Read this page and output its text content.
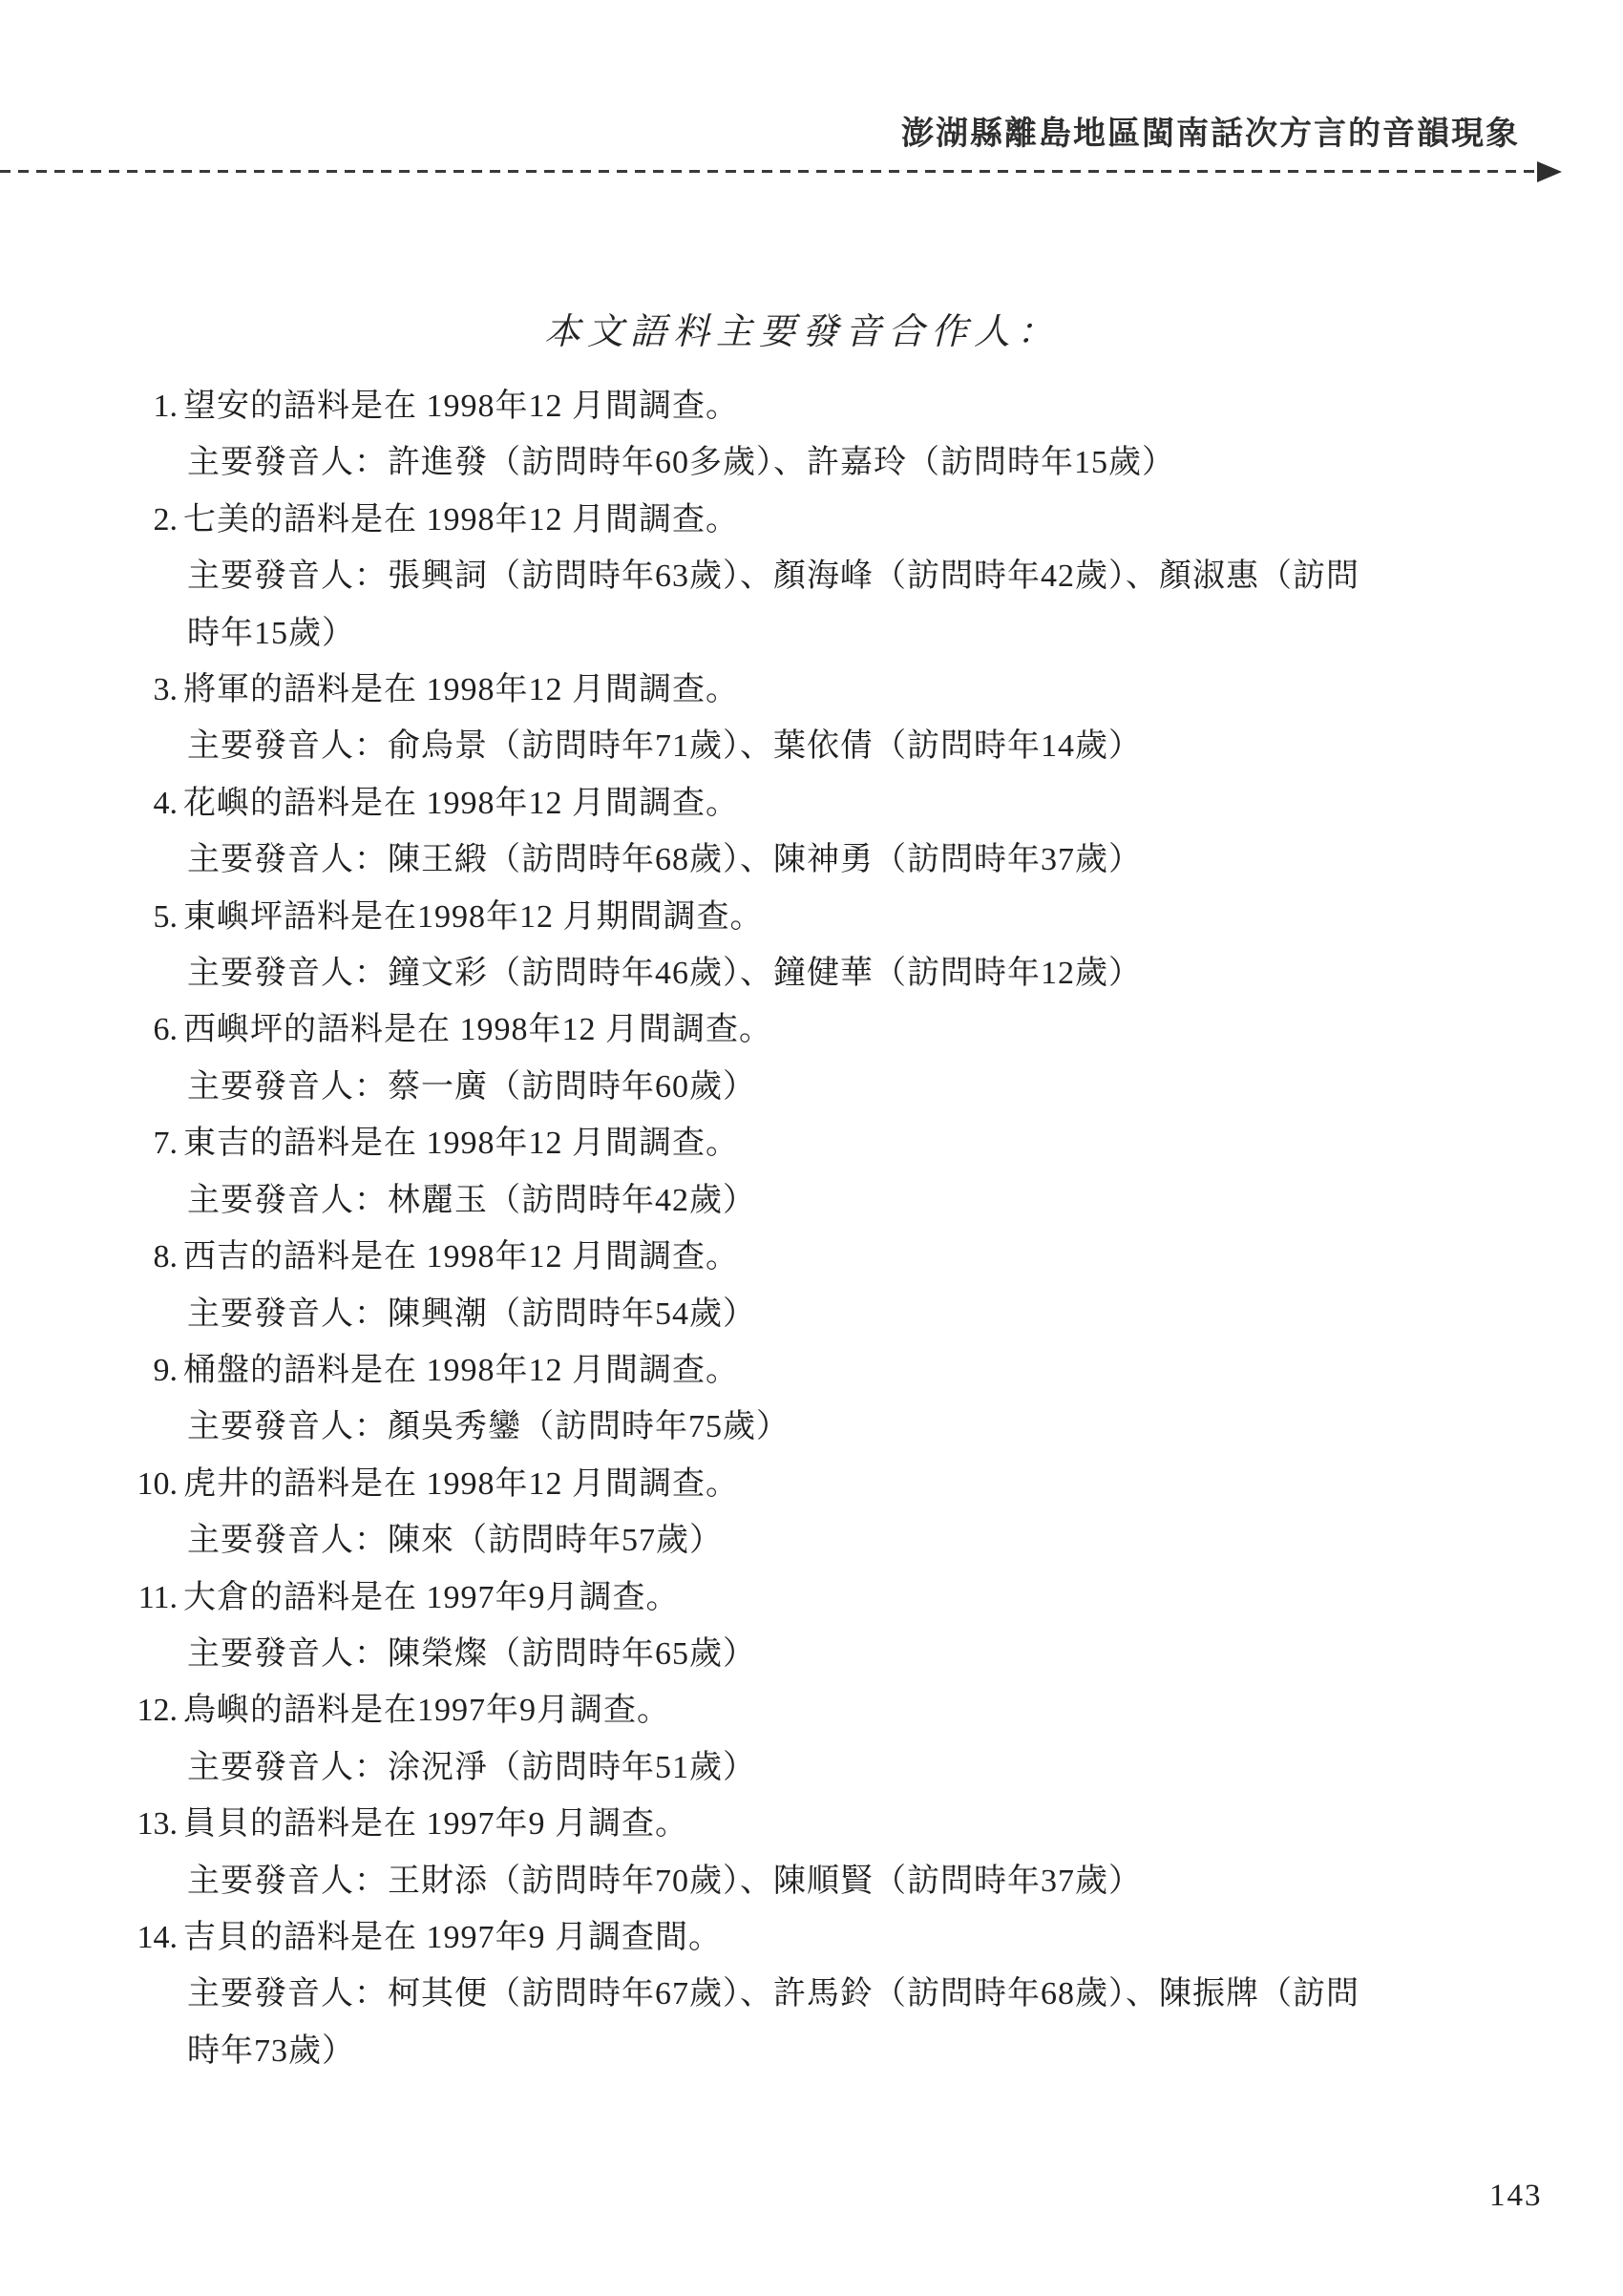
澎湖縣離島地區閩南話次方言的音韻現象
本文語料主要發音合作人：
1. 望安的語料是在 1998年12 月間調查。
主要發音人：許進發（訪問時年60多歲）、許嘉玲（訪問時年15歲）
2. 七美的語料是在 1998年12 月間調查。
主要發音人：張興詞（訪問時年63歲）、顏海峰（訪問時年42歲）、顏淑惠（訪問
時年15歲）
3. 將軍的語料是在 1998年12 月間調查。
主要發音人：俞烏景（訪問時年71歲）、葉依倩（訪問時年14歲）
4. 花嶼的語料是在 1998年12 月間調查。
主要發音人：陳王緞（訪問時年68歲）、陳神勇（訪問時年37歲）
5. 東嶼坪語料是在1998年12 月期間調查。
主要發音人：鐘文彩（訪問時年46歲）、鐘健華（訪問時年12歲）
6. 西嶼坪的語料是在 1998年12 月間調查。
主要發音人：蔡一廣（訪問時年60歲）
7. 東吉的語料是在 1998年12 月間調查。
主要發音人：林麗玉（訪問時年42歲）
8. 西吉的語料是在 1998年12 月間調查。
主要發音人：陳興潮（訪問時年54歲）
9. 桶盤的語料是在 1998年12 月間調查。
主要發音人：顏吳秀鑾（訪問時年75歲）
10. 虎井的語料是在 1998年12 月間調查。
主要發音人：陳來（訪問時年57歲）
11. 大倉的語料是在 1997年9月調查。
主要發音人：陳榮燦（訪問時年65歲）
12. 鳥嶼的語料是在1997年9月調查。
主要發音人：涂況淨（訪問時年51歲）
13. 員貝的語料是在 1997年9 月調查。
主要發音人：王財添（訪問時年70歲）、陳順賢（訪問時年37歲）
14. 吉貝的語料是在 1997年9 月調查間。
主要發音人：柯其便（訪問時年67歲）、許馬鈴（訪問時年68歲）、陳振牌（訪問
時年73歲）
143
